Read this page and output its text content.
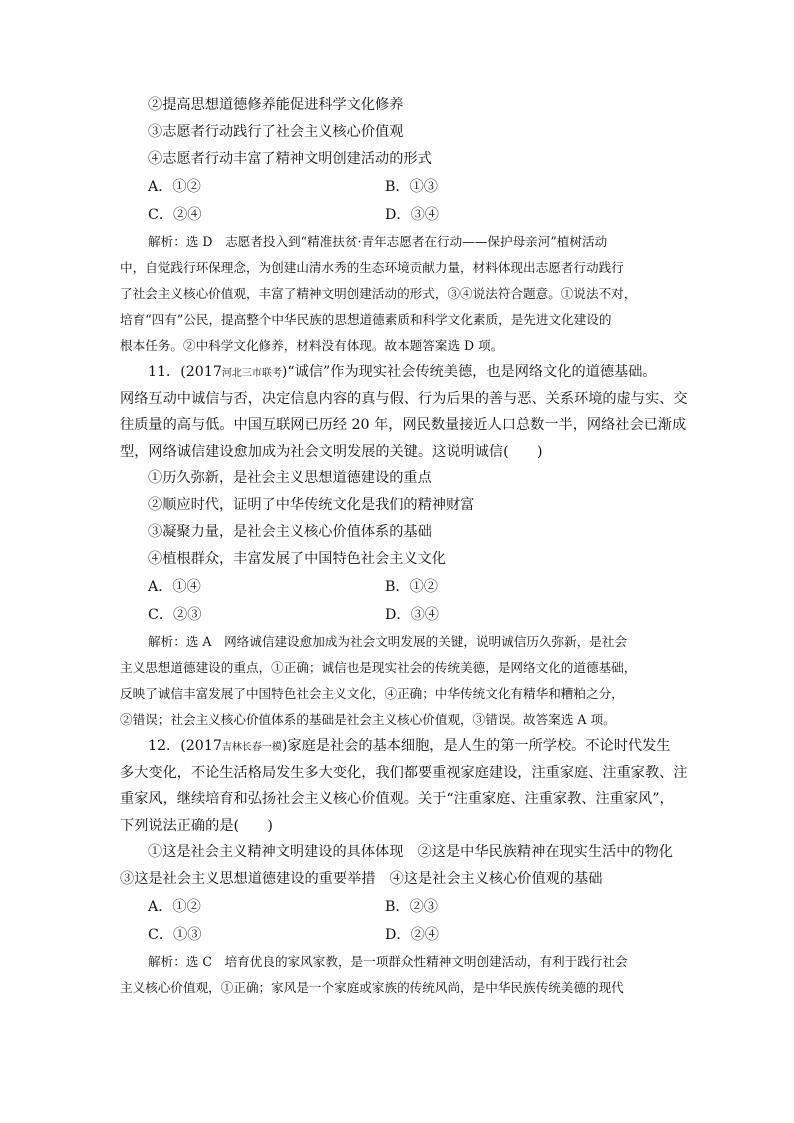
②提高思想道德修养能促进科学文化修养
③志愿者行动践行了社会主义核心价值观
④志愿者行动丰富了精神文明创建活动的形式
A．①②	B．①③
C．②④	D．③④
解析：选 D　志愿者投入到“精准扶贫·青年志愿者在行动——保护母亲河”植树活动
中，自觉践行环保理念，为创建山清水秀的生态环境贡献力量，材料体现出志愿者行动践行
了社会主义核心价值观，丰富了精神文明创建活动的形式，③④说法符合题意。①说法不对，
培育“四有”公民，提高整个中华民族的思想道德素质和科学文化素质，是先进文化建设的
根本任务。②中科学文化修养，材料没有体现。故本题答案选 D 项。
11．(2017河北三市联考)“诚信”作为现实社会传统美德，也是网络文化的道德基础。
网络互动中诚信与否，决定信息内容的真与假、行为后果的善与恶、关系环境的虚与实、交
往质量的高与低。中国互联网已历经 20 年，网民数量接近人口总数一半，网络社会已渐成
型，网络诚信建设愈加成为社会文明发展的关键。这说明诚信(　　)
①历久弥新，是社会主义思想道德建设的重点
②顺应时代，证明了中华传统文化是我们的精神财富
③凝聚力量，是社会主义核心价值体系的基础
④植根群众，丰富发展了中国特色社会主义文化
A．①④	B．①②
C．②③	D．③④
解析：选 A　网络诚信建设愈加成为社会文明发展的关键，说明诚信历久弥新，是社会
主义思想道德建设的重点，①正确；诚信也是现实社会的传统美德，是网络文化的道德基础，
反映了诚信丰富发展了中国特色社会主义文化，④正确；中华传统文化有精华和糟粕之分，
②错误；社会主义核心价值体系的基础是社会主义核心价值观，③错误。故答案选 A 项。
12．(2017吉林长春一模)家庭是社会的基本细胞，是人生的第一所学校。不论时代发生
多大变化，不论生活格局发生多大变化，我们都要重视家庭建设，注重家庭、注重家教、注
重家风，继续培育和弘扬社会主义核心价值观。关于“注重家庭、注重家教、注重家风”，
下列说法正确的是(　　)
①这是社会主义精神文明建设的具体体现　②这是中华民族精神在现实生活中的物化
③这是社会主义思想道德建设的重要举措　④这是社会主义核心价值观的基础
A．①②	B．②③
C．①③	D．②④
解析：选 C　培育优良的家风家教，是一项群众性精神文明创建活动，有利于践行社会
主义核心价值观，①正确；家风是一个家庭或家族的传统风尚，是中华民族传统美德的现代
